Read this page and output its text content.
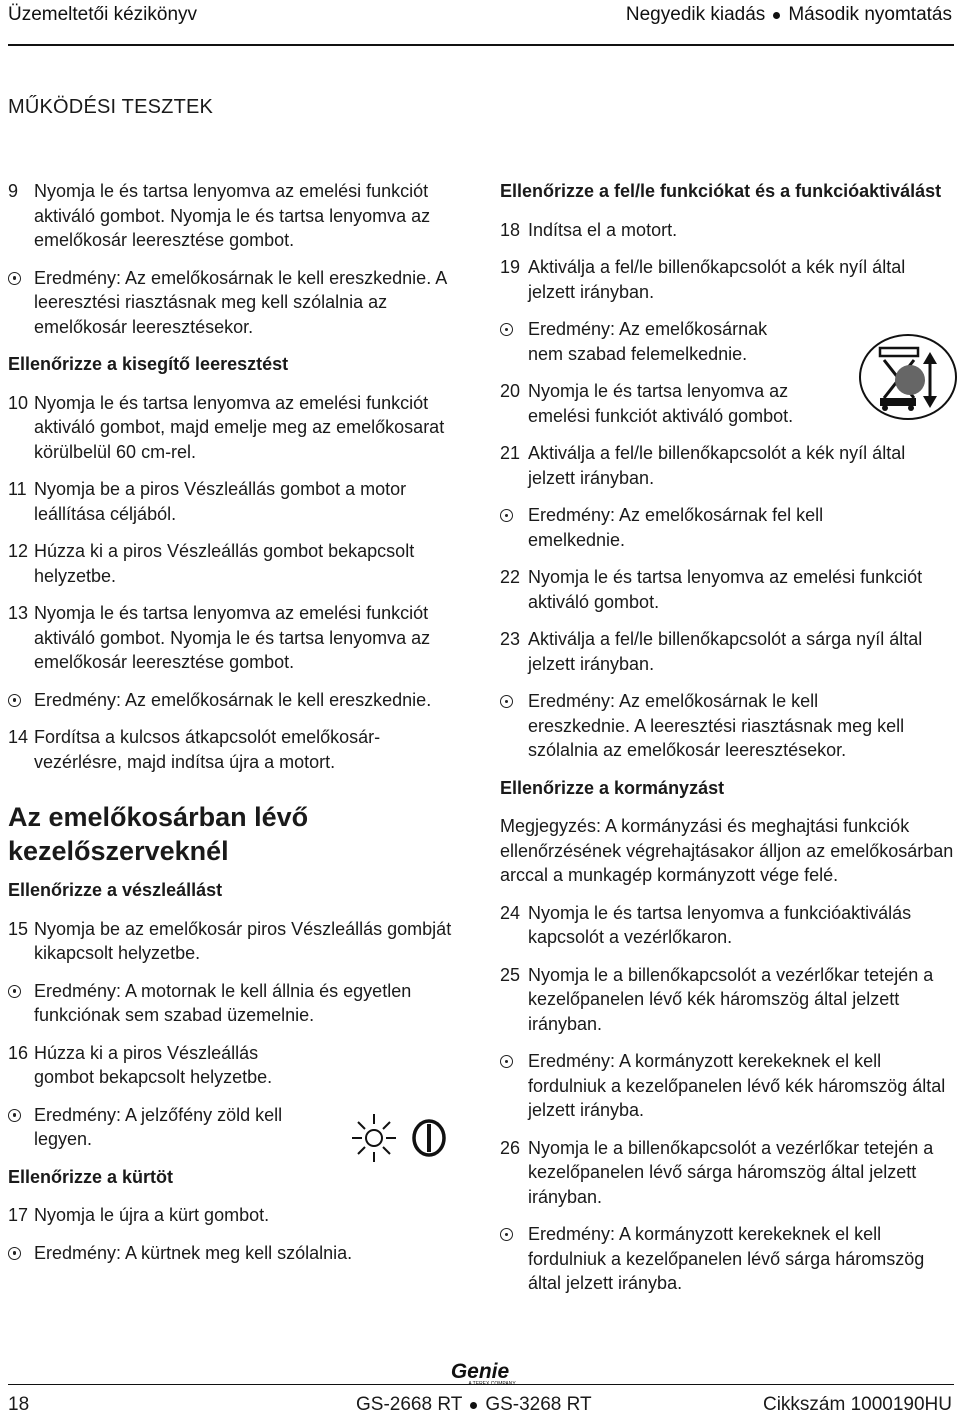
Üzemeltetői kézikönyv	Negyedik kiadás Második nyomtatás
MŰKÖDÉSI TESZTEK
9 Nyomja le és tartsa lenyomva az emelési funkciót aktiváló gombot. Nyomja le és tartsa lenyomva az emelőkosár leeresztése gombot.
Eredmény: Az emelőkosárnak le kell ereszkednie. A leeresztési riasztásnak meg kell szólalnia az emelőkosár leeresztésekor.
Ellenőrizze a kisegítő leeresztést
10 Nyomja le és tartsa lenyomva az emelési funkciót aktiváló gombot, majd emelje meg az emelőkosarat körülbelül 60 cm-rel.
11 Nyomja be a piros Vészleállás gombot a motor leállítása céljából.
12 Húzza ki a piros Vészleállás gombot bekapcsolt helyzetbe.
13 Nyomja le és tartsa lenyomva az emelési funkciót aktiváló gombot. Nyomja le és tartsa lenyomva az emelőkosár leeresztése gombot.
Eredmény: Az emelőkosárnak le kell ereszkednie.
14 Fordítsa a kulcsos átkapcsolót emelőkosár-vezérlésre, majd indítsa újra a motort.
Az emelőkosárban lévő kezelőszerveknél
Ellenőrizze a vészleállást
15 Nyomja be az emelőkosár piros Vészleállás gombját kikapcsolt helyzetbe.
Eredmény: A motornak le kell állnia és egyetlen funkciónak sem szabad üzemelnie.
16 Húzza ki a piros Vészleállás gombot bekapcsolt helyzetbe.
Eredmény: A jelzőfény zöld kell legyen.
Ellenőrizze a kürtöt
17 Nyomja le újra a kürt gombot.
Eredmény: A kürtnek meg kell szólalnia.
Ellenőrizze a fel/le funkciókat és a funkcióaktiválást
18 Indítsa el a motort.
19 Aktiválja a fel/le billenőkapcsolót a kék nyíl által jelzett irányban.
Eredmény: Az emelőkosárnak nem szabad felemelkednie.
20 Nyomja le és tartsa lenyomva az emelési funkciót aktiváló gombot.
21 Aktiválja a fel/le billenőkapcsolót a kék nyíl által jelzett irányban.
Eredmény: Az emelőkosárnak fel kell emelkednie.
22 Nyomja le és tartsa lenyomva az emelési funkciót aktiváló gombot.
23 Aktiválja a fel/le billenőkapcsolót a sárga nyíl által jelzett irányban.
Eredmény: Az emelőkosárnak le kell ereszkednie. A leeresztési riasztásnak meg kell szólalnia az emelőkosár leeresztésekor.
Ellenőrizze a kormányzást
Megjegyzés: A kormányzási és meghajtási funkciók ellenőrzésének végrehajtásakor álljon az emelőkosárban arccal a munkagép kormányzott vége felé.
24 Nyomja le és tartsa lenyomva a funkcióaktiválás kapcsolót a vezérlőkaron.
25 Nyomja le a billenőkapcsolót a vezérlőkar tetején a kezelőpanelen lévő kék háromszög által jelzett irányban.
Eredmény: A kormányzott kerekeknek el kell fordulniuk a kezelőpanelen lévő kék háromszög által jelzett irányba.
26 Nyomja le a billenőkapcsolót a vezérlőkar tetején a kezelőpanelen lévő sárga háromszög által jelzett irányban.
Eredmény: A kormányzott kerekeknek el kell fordulniuk a kezelőpanelen lévő sárga háromszög által jelzett irányba.
Genie
18	GS-2668 RT GS-3268 RT	Cikkszám 1000190HU
